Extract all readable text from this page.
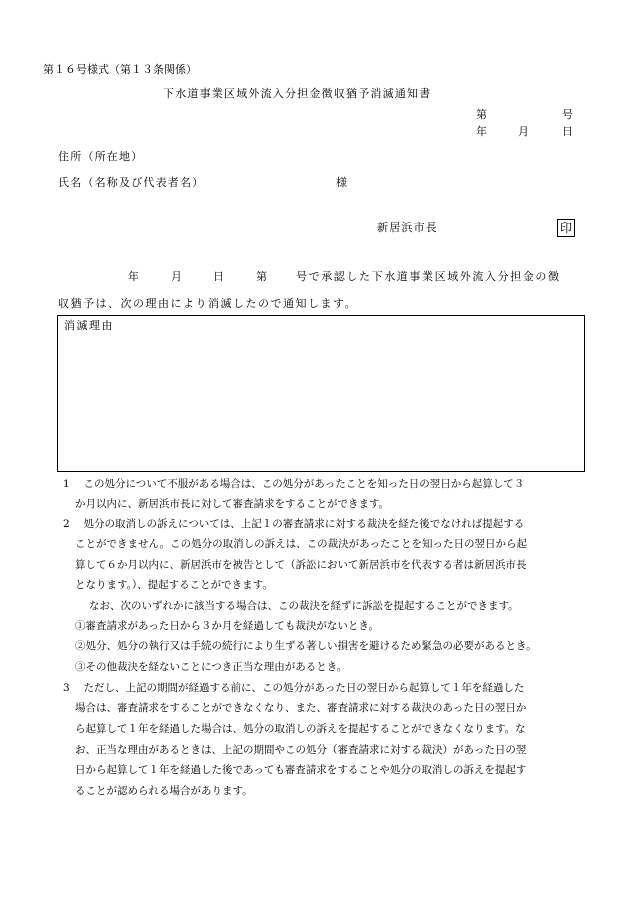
第１６号様式（第１３条関係）
下水道事業区域外流入分担金徴収猶予消滅通知書
第	号
年	月	日
住所（所在地）
氏名（名称及び代表者名）	様
新居浜市長	印
年	月	日	第	号で承認した下水道事業区域外流入分担金の徴
収猶予は、次の理由により消滅したので通知します。
消滅理由
1　 この処分について不服がある場合は、この処分があったことを知った日の翌日から起算して３
か月以内に、新居浜市長に対して審査請求をすることができます。
2　 処分の取消しの訴えについては、上記１の審査請求に対する裁決を経た後でなければ提起する
ことができません。この処分の取消しの訴えは、この裁決があったことを知った日の翌日から起
算して６か月以内に、新居浜市を被告として（訴訟において新居浜市を代表する者は新居浜市長
となります。）、提起することができます。
なお、次のいずれかに該当する場合は、この裁決を経ずに訴訟を提起することができます。
①審査請求があった日から３か月を経過しても裁決がないとき。
②処分、処分の執行又は手続の続行により生ずる著しい損害を避けるため緊急の必要があるとき。
③その他裁決を経ないことにつき正当な理由があるとき。
3　 ただし、上記の期間が経過する前に、この処分があった日の翌日から起算して１年を経過した
場合は、審査請求をすることができなくなり、また、審査請求に対する裁決のあった日の翌日か
ら起算して１年を経過した場合は、処分の取消しの訴えを提起することができなくなります。な
お、正当な理由があるときは、上記の期間やこの処分（審査請求に対する裁決）があった日の翌
日から起算して１年を経過した後であっても審査請求をすることや処分の取消しの訴えを提起す
ることが認められる場合があります。
